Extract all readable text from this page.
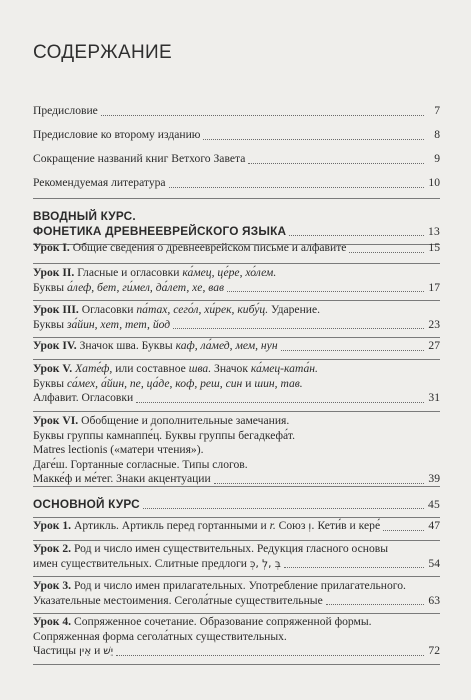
СОДЕРЖАНИЕ
Предисловие	7
Предисловие ко второму изданию	8
Сокращение названий книг Ветхого Завета	9
Рекомендуемая литература	10
ВВОДНЫЙ КУРС.
ФОНЕТИКА ДРЕВНЕЕВРЕЙСКОГО ЯЗЫКА	13
Урок I. Общие сведения о древнееврейском письме и алфавите	15
Урок II. Гласные и огласовки ка́мец, це́ре, хо́лем.
Буквы а́леф, бет, ги́мел, да́лет, хе, вав	17
Урок III. Огласовки па́тах, сего́л, хи́рек, кибу́ц. Ударение.
Буквы за́йин, хет, тет, йод	23
Урок IV. Значок шва. Буквы каф, ла́мед, мем, нун	27
Урок V. Хате́ф, или составное шва. Значок ка́мец-ката́н.
Буквы са́мех, а́йин, пе, ца́де, коф, реш, син и шин, тав.
Алфавит. Огласовки	31
Урок VI. Обобщение и дополнительные замечания.
Буквы группы камнаппе́ц. Буквы группы бегадкефа́т.
Matres lectionis («матери чтения»).
Даге́ш. Гортанные согласные. Типы слогов.
Макке́ф и ме́тег. Знаки акцентуации	39
ОСНОВНОЙ КУРС	45
Урок 1. Артикль. Артикль перед гортанными и r. Союз וְ. Кети́в и кере́	47
Урок 2. Род и число имен существительных. Редукция гласного основы
имен существительных. Слитные предлоги בְּ ,לְ ,כְּ	54
Урок 3. Род и число имен прилагательных. Употребление прилагательного.
Указательные местоимения. Сегола́тные существительные	63
Урок 4. Сопряженное сочетание. Образование сопряженной формы.
Сопряженная форма сегола́тных существительных.
Частицы אֵין и יֵשׁ	72
